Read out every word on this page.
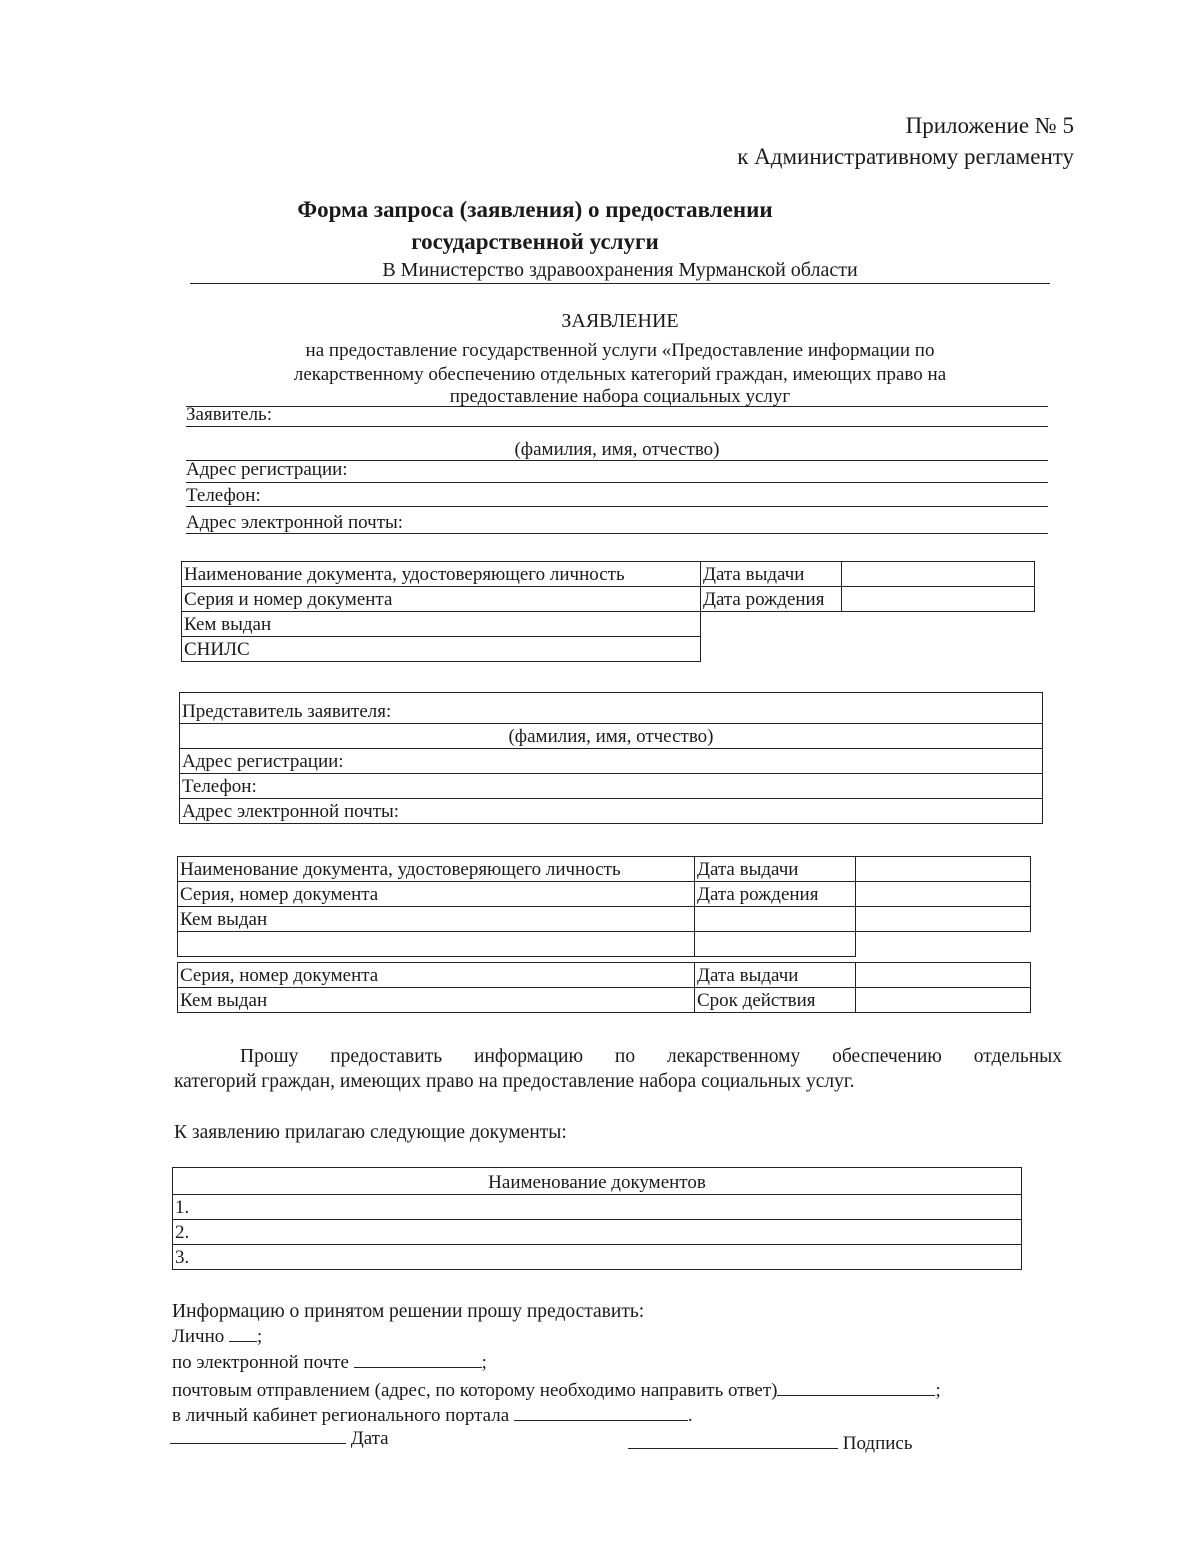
Приложение № 5
к Административному регламенту
Форма запроса (заявления) о предоставлении
государственной услуги
В Министерство здравоохранения Мурманской области
ЗАЯВЛЕНИЕ
на предоставление государственной услуги «Предоставление информации по
лекарственному обеспечению отдельных категорий граждан, имеющих право на
предоставление набора социальных услуг
Заявитель:
(фамилия, имя, отчество)
Адрес регистрации:
Телефон:
Адрес электронной почты:
Наименование документа, удостоверяющего личность	Дата выдачи	
Серия и номер документа	Дата рождения	
Кем выдан		
СНИЛС		
Представитель заявителя:
(фамилия, имя, отчество)
Адрес регистрации:
Телефон:
Адрес электронной почты:
Наименование документа, удостоверяющего личность	Дата выдачи	
Серия, номер документа	Дата рождения	
Кем выдан		

Серия, номер документа	Дата выдачи	
Кем выдан	Срок действия	
Прошу предоставить информацию по лекарственному обеспечению отдельных
категорий граждан, имеющих право на предоставление набора социальных услуг.
К заявлению прилагаю следующие документы:
Наименование документов
1.
2.
3.
Информацию о принятом решении прошу предоставить:
Лично ;
по электронной почте	;
почтовым отправлением (адрес, по которому необходимо направить ответ)	;
в личный кабинет регионального портала	.
Дата	Подпись
